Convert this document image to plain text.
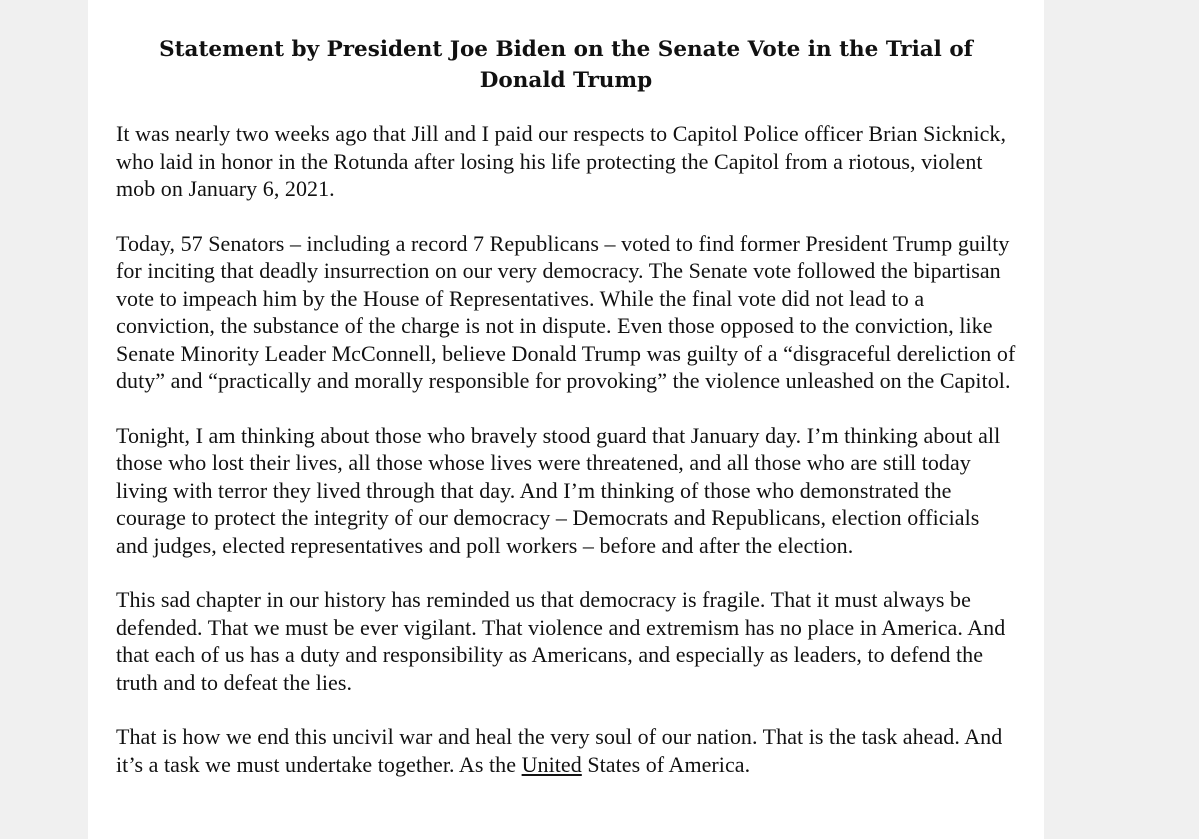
Statement by President Joe Biden on the Senate Vote in the Trial of Donald Trump

It was nearly two weeks ago that Jill and I paid our respects to Capitol Police officer Brian Sicknick, who laid in honor in the Rotunda after losing his life protecting the Capitol from a riotous, violent mob on January 6, 2021.

Today, 57 Senators – including a record 7 Republicans – voted to find former President Trump guilty for inciting that deadly insurrection on our very democracy. The Senate vote followed the bipartisan vote to impeach him by the House of Representatives. While the final vote did not lead to a conviction, the substance of the charge is not in dispute. Even those opposed to the conviction, like Senate Minority Leader McConnell, believe Donald Trump was guilty of a “disgraceful dereliction of duty” and “practically and morally responsible for provoking” the violence unleashed on the Capitol.

Tonight, I am thinking about those who bravely stood guard that January day. I’m thinking about all those who lost their lives, all those whose lives were threatened, and all those who are still today living with terror they lived through that day. And I’m thinking of those who demonstrated the courage to protect the integrity of our democracy – Democrats and Republicans, election officials and judges, elected representatives and poll workers – before and after the election.

This sad chapter in our history has reminded us that democracy is fragile. That it must always be defended. That we must be ever vigilant. That violence and extremism has no place in America. And that each of us has a duty and responsibility as Americans, and especially as leaders, to defend the truth and to defeat the lies.

That is how we end this uncivil war and heal the very soul of our nation. That is the task ahead. And it’s a task we must undertake together. As the United States of America.
